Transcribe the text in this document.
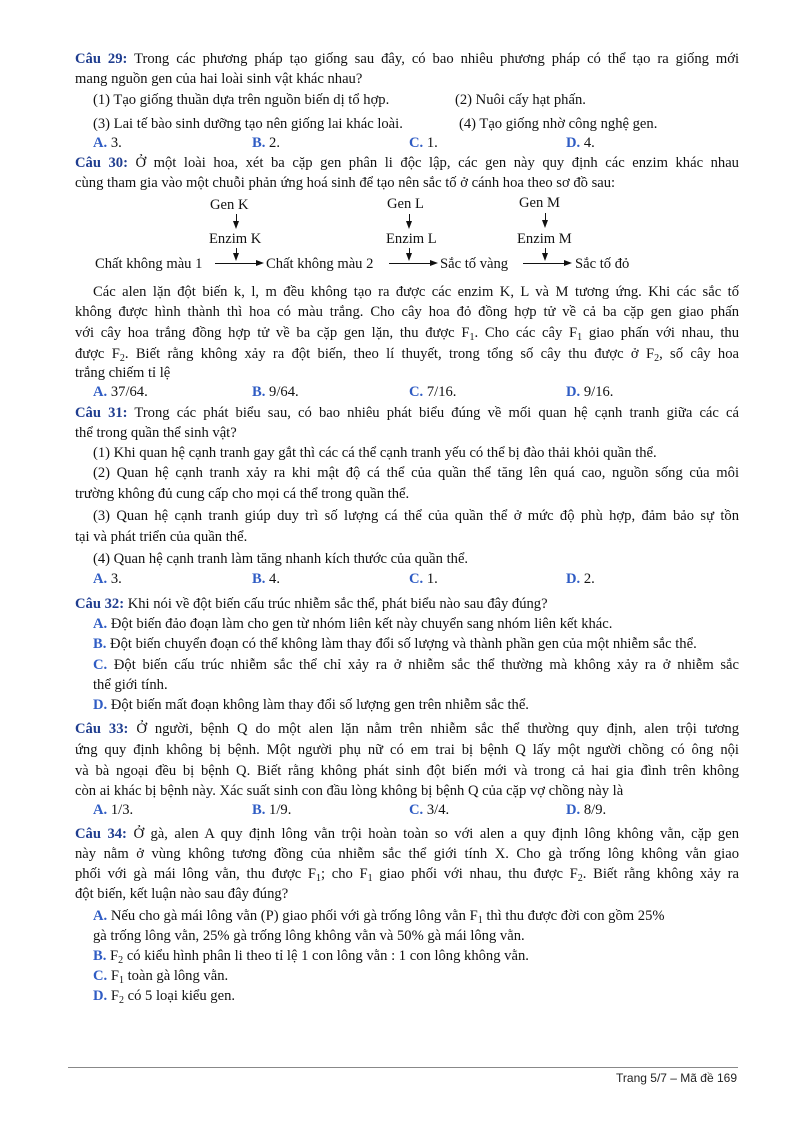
Câu 29: Trong các phương pháp tạo giống sau đây, có bao nhiêu phương pháp có thể tạo ra giống mới
mang nguồn gen của hai loài sinh vật khác nhau?
(1) Tạo giống thuần dựa trên nguồn biến dị tổ hợp.	(2) Nuôi cấy hạt phấn.
(3) Lai tế bào sinh dưỡng tạo nên giống lai khác loài.	(4) Tạo giống nhờ công nghệ gen.
A. 3.	B. 2.	C. 1.	D. 4.
Câu 30: Ở một loài hoa, xét ba cặp gen phân li độc lập, các gen này quy định các enzim khác nhau
cùng tham gia vào một chuỗi phản ứng hoá sinh để tạo nên sắc tố ở cánh hoa theo sơ đồ sau:
Gen K	Gen L	Gen M
Enzim K	Enzim L	Enzim M
Chất không màu 1	Chất không màu 2	Sắc tố vàng	Sắc tố đỏ
Các alen lặn đột biến k, l, m đều không tạo ra được các enzim K, L và M tương ứng. Khi các sắc tố
không được hình thành thì hoa có màu trắng. Cho cây hoa đỏ đồng hợp tử về cả ba cặp gen giao phấn
với cây hoa trắng đồng hợp tử về ba cặp gen lặn, thu được $F_1$. Cho các cây $F_1$ giao phấn với nhau, thu
được $F_2$. Biết rằng không xảy ra đột biến, theo lí thuyết, trong tổng số cây thu được ở $F_2$, số cây hoa
trắng chiếm tỉ lệ
A. 37/64.	B. 9/64.	C. 7/16.	D. 9/16.
Câu 31: Trong các phát biểu sau, có bao nhiêu phát biểu đúng về mối quan hệ cạnh tranh giữa các cá
thể trong quần thể sinh vật?
(1) Khi quan hệ cạnh tranh gay gắt thì các cá thể cạnh tranh yếu có thể bị đào thải khỏi quần thể.
(2) Quan hệ cạnh tranh xảy ra khi mật độ cá thể của quần thể tăng lên quá cao, nguồn sống của môi
trường không đủ cung cấp cho mọi cá thể trong quần thể.
(3) Quan hệ cạnh tranh giúp duy trì số lượng cá thể của quần thể ở mức độ phù hợp, đảm bảo sự tồn
tại và phát triển của quần thể.
(4) Quan hệ cạnh tranh làm tăng nhanh kích thước của quần thể.
A. 3.	B. 4.	C. 1.	D. 2.
Câu 32: Khi nói về đột biến cấu trúc nhiễm sắc thể, phát biểu nào sau đây đúng?
A. Đột biến đảo đoạn làm cho gen từ nhóm liên kết này chuyển sang nhóm liên kết khác.
B. Đột biến chuyển đoạn có thể không làm thay đổi số lượng và thành phần gen của một nhiễm sắc thể.
C. Đột biến cấu trúc nhiễm sắc thể chỉ xảy ra ở nhiễm sắc thể thường mà không xảy ra ở nhiễm sắc
thể giới tính.
D. Đột biến mất đoạn không làm thay đổi số lượng gen trên nhiễm sắc thể.
Câu 33: Ở người, bệnh Q do một alen lặn nằm trên nhiễm sắc thể thường quy định, alen trội tương
ứng quy định không bị bệnh. Một người phụ nữ có em trai bị bệnh Q lấy một người chồng có ông nội
và bà ngoại đều bị bệnh Q. Biết rằng không phát sinh đột biến mới và trong cả hai gia đình trên không
còn ai khác bị bệnh này. Xác suất sinh con đầu lòng không bị bệnh Q của cặp vợ chồng này là
A. 1/3.	B. 1/9.	C. 3/4.	D. 8/9.
Câu 34: Ở gà, alen A quy định lông vằn trội hoàn toàn so với alen a quy định lông không vằn, cặp gen
này nằm ở vùng không tương đồng của nhiễm sắc thể giới tính X. Cho gà trống lông không vằn giao
phối với gà mái lông vằn, thu được $F_1$; cho $F_1$ giao phối với nhau, thu được $F_2$. Biết rằng không xảy ra
đột biến, kết luận nào sau đây đúng?
A. Nếu cho gà mái lông vằn (P) giao phối với gà trống lông vằn $F_1$ thì thu được đời con gồm 25%
gà trống lông vằn, 25% gà trống lông không vằn và 50% gà mái lông vằn.
B. $F_2$ có kiểu hình phân li theo tỉ lệ 1 con lông vằn : 1 con lông không vằn.
C. $F_1$ toàn gà lông vằn.
D. $F_2$ có 5 loại kiểu gen.
Trang 5/7 – Mã đề 169
